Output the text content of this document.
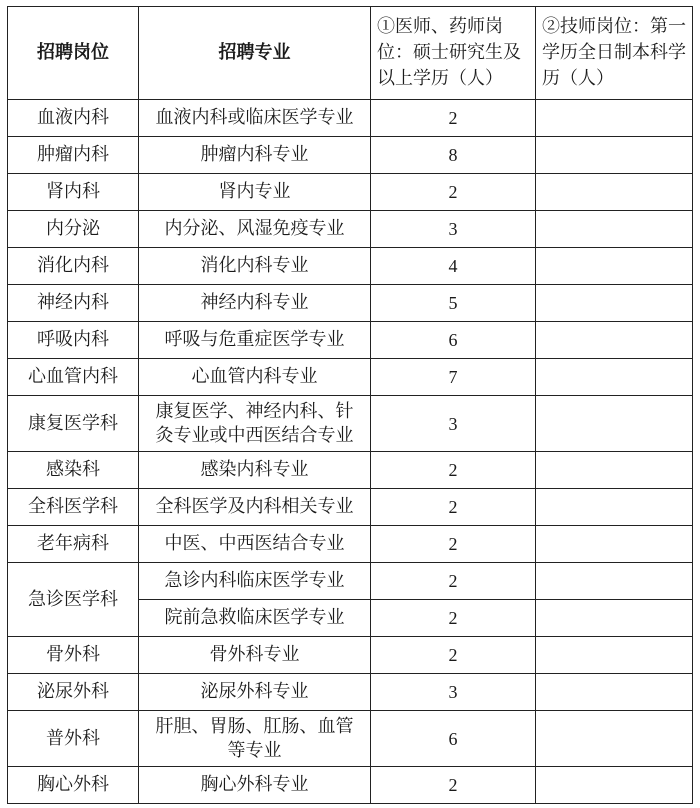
招聘岗位	招聘专业	①医师、药师岗位：硕士研究生及以上学历（人）	②技师岗位：第一学历全日制本科学历（人）
血液内科	血液内科或临床医学专业	2	
肿瘤内科	肿瘤内科专业	8	
肾内科	肾内专业	2	
内分泌	内分泌、风湿免疫专业	3	
消化内科	消化内科专业	4	
神经内科	神经内科专业	5	
呼吸内科	呼吸与危重症医学专业	6	
心血管内科	心血管内科专业	7	
康复医学科	康复医学、神经内科、针灸专业或中西医结合专业	3	
感染科	感染内科专业	2	
全科医学科	全科医学及内科相关专业	2	
老年病科	中医、中西医结合专业	2	
急诊医学科	急诊内科临床医学专业	2	
	院前急救临床医学专业	2	
骨外科	骨外科专业	2	
泌尿外科	泌尿外科专业	3	
普外科	肝胆、胃肠、肛肠、血管等专业	6	
胸心外科	胸心外科专业	2	
